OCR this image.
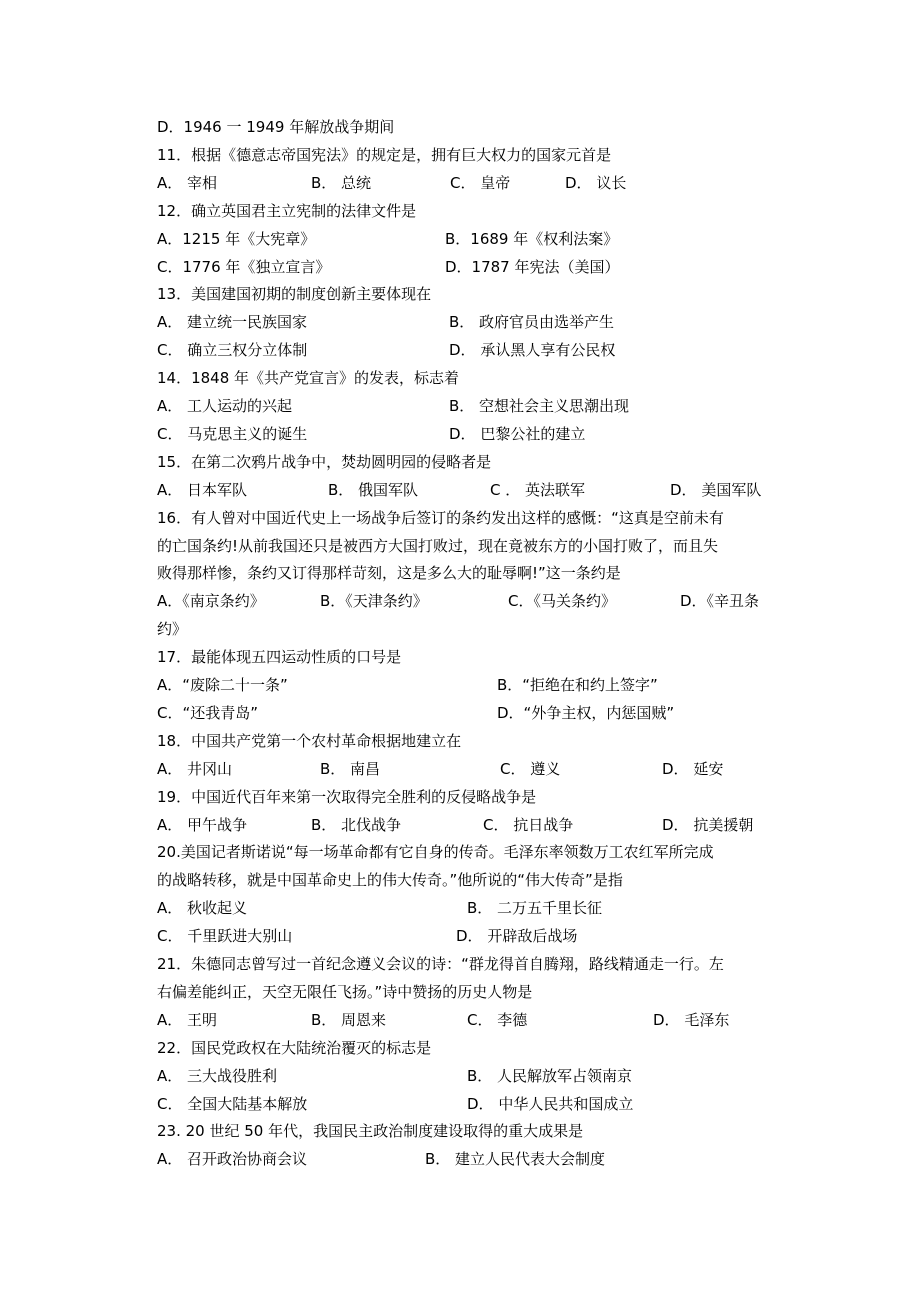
D．1946 一 1949 年解放战争期间
11．根据《德意志帝国宪法》的规定是，拥有巨大权力的国家元首是
A． 宰相	B． 总统	C． 皇帝	D． 议长
12．确立英国君主立宪制的法律文件是
A．1215 年《大宪章》	B．1689 年《权利法案》
C．1776 年《独立宣言》	D．1787 年宪法（美国）
13．美国建国初期的制度创新主要体现在
A． 建立统一民族国家	B． 政府官员由选举产生
C． 确立三权分立体制	D． 承认黑人享有公民权
14．1848 年《共产党宣言》的发表，标志着
A． 工人运动的兴起	B． 空想社会主义思潮出现
C． 马克思主义的诞生	D． 巴黎公社的建立
15．在第二次鸦片战争中，焚劫圆明园的侵略者是
A． 日本军队	B． 俄国军队	C ． 英法联军	D． 美国军队
16．有人曾对中国近代史上一场战争后签订的条约发出这样的感慨：“这真是空前未有
的亡国条约!从前我国还只是被西方大国打败过，现在竟被东方的小国打败了，而且失
败得那样惨，条约又订得那样苛刻，这是多么大的耻辱啊!”这一条约是
A．《南京条约》	B．《天津条约》	C．《马关条约》	D．《辛丑条
约》
17．最能体现五四运动性质的口号是
A．“废除二十一条”	B．“拒绝在和约上签字”
C．“还我青岛”	D．“外争主权，内惩国贼”
18．中国共产党第一个农村革命根据地建立在
A． 井冈山	B． 南昌	C． 遵义	D． 延安
19．中国近代百年来第一次取得完全胜利的反侵略战争是
A． 甲午战争	B． 北伐战争	C． 抗日战争	D． 抗美援朝
20.美国记者斯诺说“每一场革命都有它自身的传奇。毛泽东率领数万工农红军所完成
的战略转移，就是中国革命史上的伟大传奇。”他所说的“伟大传奇”是指
A． 秋收起义	B． 二万五千里长征
C． 千里跃进大别山	D． 开辟敌后战场
21．朱德同志曾写过一首纪念遵义会议的诗：“群龙得首自腾翔，路线精通走一行。左
右偏差能纠正，天空无限任飞扬。”诗中赞扬的历史人物是
A． 王明	B． 周恩来	C． 李德	D． 毛泽东
22．国民党政权在大陆统治覆灭的标志是
A． 三大战役胜利	B． 人民解放军占领南京
C． 全国大陆基本解放	D． 中华人民共和国成立
23. 20 世纪 50 年代，我国民主政治制度建设取得的重大成果是
A． 召开政治协商会议	B． 建立人民代表大会制度
